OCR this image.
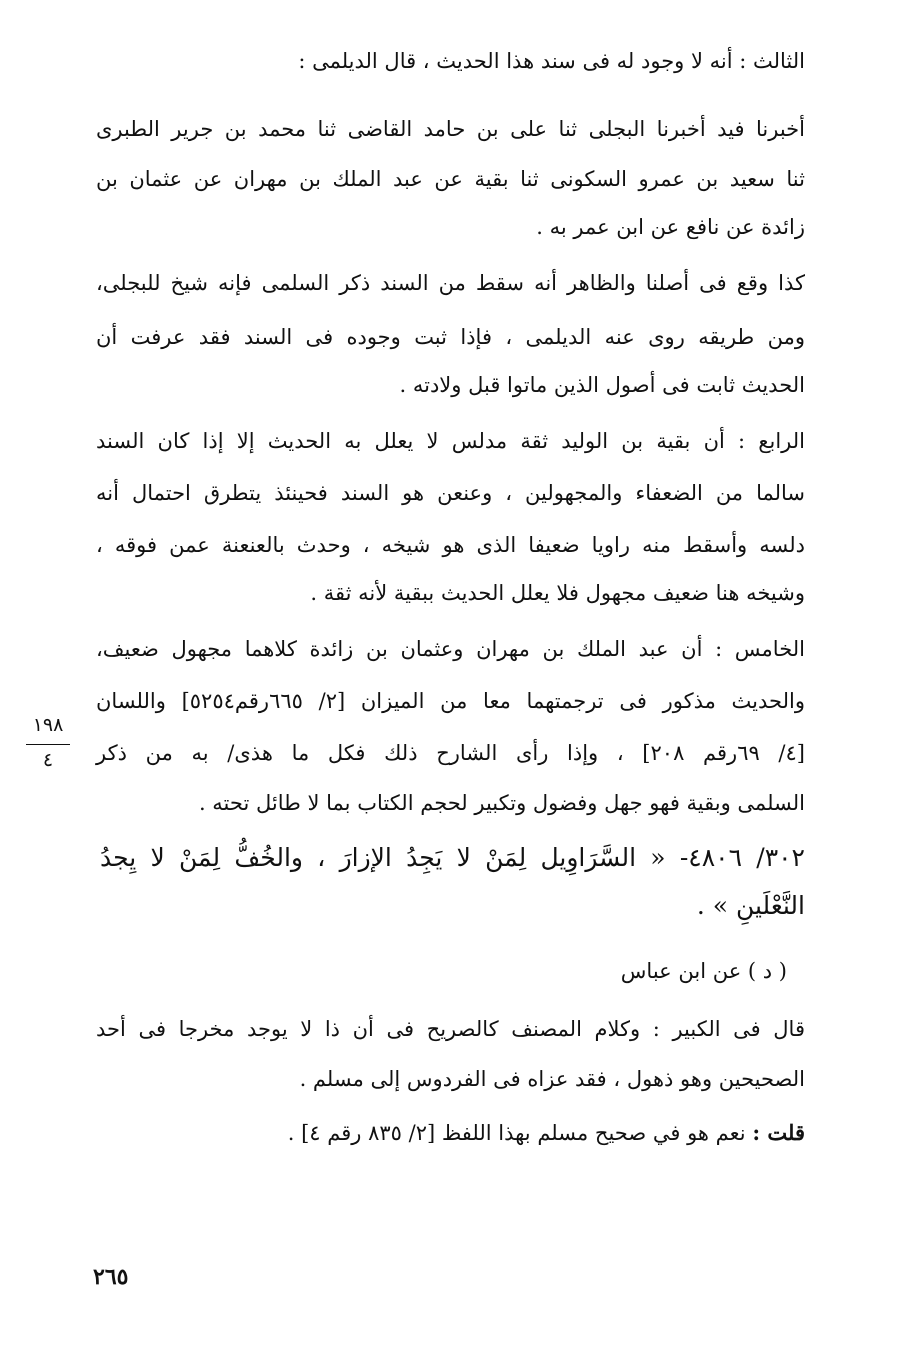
الثالث : أنه لا وجود له فى سند هذا الحديث ، قال الديلمى :
أخبرنا فيد أخبرنا البجلى ثنا على بن حامد القاضى ثنا محمد بن جرير الطبرى
ثنا سعيد بن عمرو السكونى ثنا بقية عن عبد الملك بن مهران عن عثمان بن
زائدة عن نافع عن ابن عمر به .
كذا وقع فى أصلنا والظاهر أنه سقط من السند ذكر السلمى فإنه شيخ للبجلى،
ومن طريقه روى عنه الديلمى ، فإذا ثبت وجوده فى السند فقد عرفت أن
الحديث ثابت فى أصول الذين ماتوا قبل ولادته .
الرابع : أن بقية بن الوليد ثقة مدلس لا يعلل به الحديث إلا إذا كان السند
سالما من الضعفاء والمجهولين ، وعنعن هو السند فحينئذ يتطرق احتمال أنه
دلسه وأسقط منه راويا ضعيفا الذى هو شيخه ، وحدث بالعنعنة عمن فوقه ،
وشيخه هنا ضعيف مجهول فلا يعلل الحديث ببقية لأنه ثقة .
الخامس : أن عبد الملك بن مهران وعثمان بن زائدة كلاهما مجهول ضعيف،
والحديث مذكور فى ترجمتهما معا من الميزان [٢/ ٦٦٥رقم٥٢٥٤] واللسان
[٤/ ٦٩رقم ٢٠٨] ، وإذا رأى الشارح ذلك فكل ما هذى/ به من ذكر
السلمى وبقية فهو جهل وفضول وتكبير لحجم الكتاب بما لا طائل تحته .
٣٠٢/ ٤٨٠٦- « السَّرَاوِيل لِمَنْ لا يَجِدُ الإزارَ ، والخُفُّ لِمَنْ لا يِجدُ
النَّعْلَينِ » .
( د ) عن ابن عباس
قال فى الكبير : وكلام المصنف كالصريح فى أن ذا لا يوجد مخرجا فى أحد
الصحيحين وهو ذهول ، فقد عزاه فى الفردوس إلى مسلم .
قلت : نعم هو في صحيح مسلم بهذا اللفظ [٢/ ٨٣٥ رقم ٤] .
١٩٨
٤
٢٦٥
